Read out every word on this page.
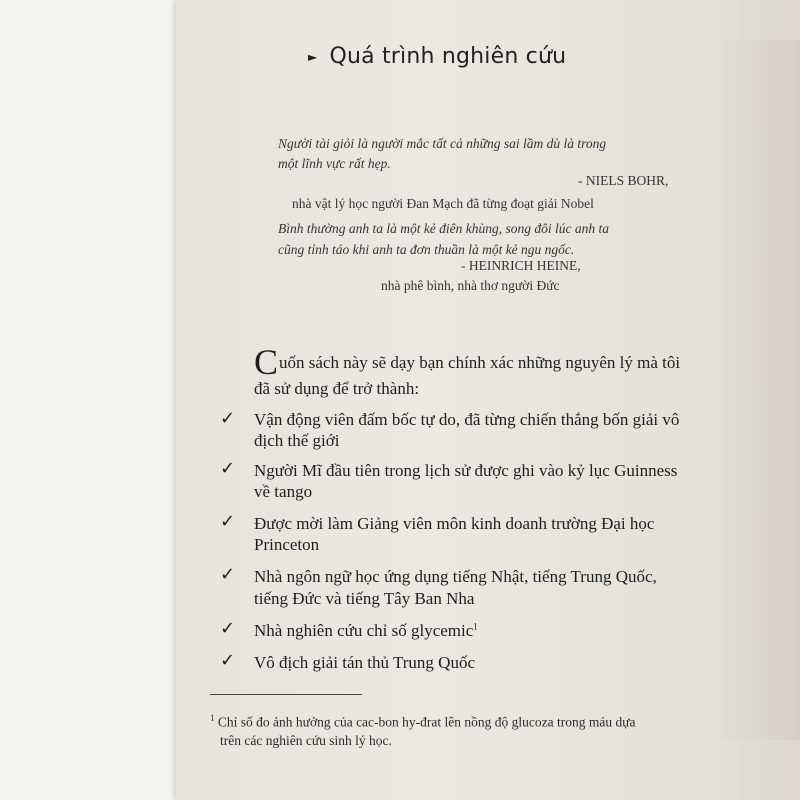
► Quá trình nghiên cứu
Người tài giỏi là người mắc tất cả những sai lầm dù là trong
một lĩnh vực rất hẹp.
- NIELS BOHR,
nhà vật lý học người Đan Mạch đã từng đoạt giải Nobel
Bình thường anh ta là một kẻ điên khùng, song đôi lúc anh ta
cũng tỉnh táo khi anh ta đơn thuần là một kẻ ngu ngốc.
- HEINRICH HEINE,
nhà phê bình, nhà thơ người Đức
Cuốn sách này sẽ dạy bạn chính xác những nguyên lý mà tôi
đã sử dụng để trở thành:
✓ Vận động viên đấm bốc tự do, đã từng chiến thắng bốn giải vô
địch thế giới
✓ Người Mĩ đầu tiên trong lịch sử được ghi vào kỷ lục Guinness
về tango
✓ Được mời làm Giảng viên môn kinh doanh trường Đại học
Princeton
✓ Nhà ngôn ngữ học ứng dụng tiếng Nhật, tiếng Trung Quốc,
tiếng Đức và tiếng Tây Ban Nha
✓ Nhà nghiên cứu chỉ số glycemic$^1$
✓ Vô địch giải tán thủ Trung Quốc
$^1$ Chỉ số đo ảnh hưởng của cac-bon hy-đrat lên nồng độ glucoza trong máu dựa
trên các nghiên cứu sinh lý học.
